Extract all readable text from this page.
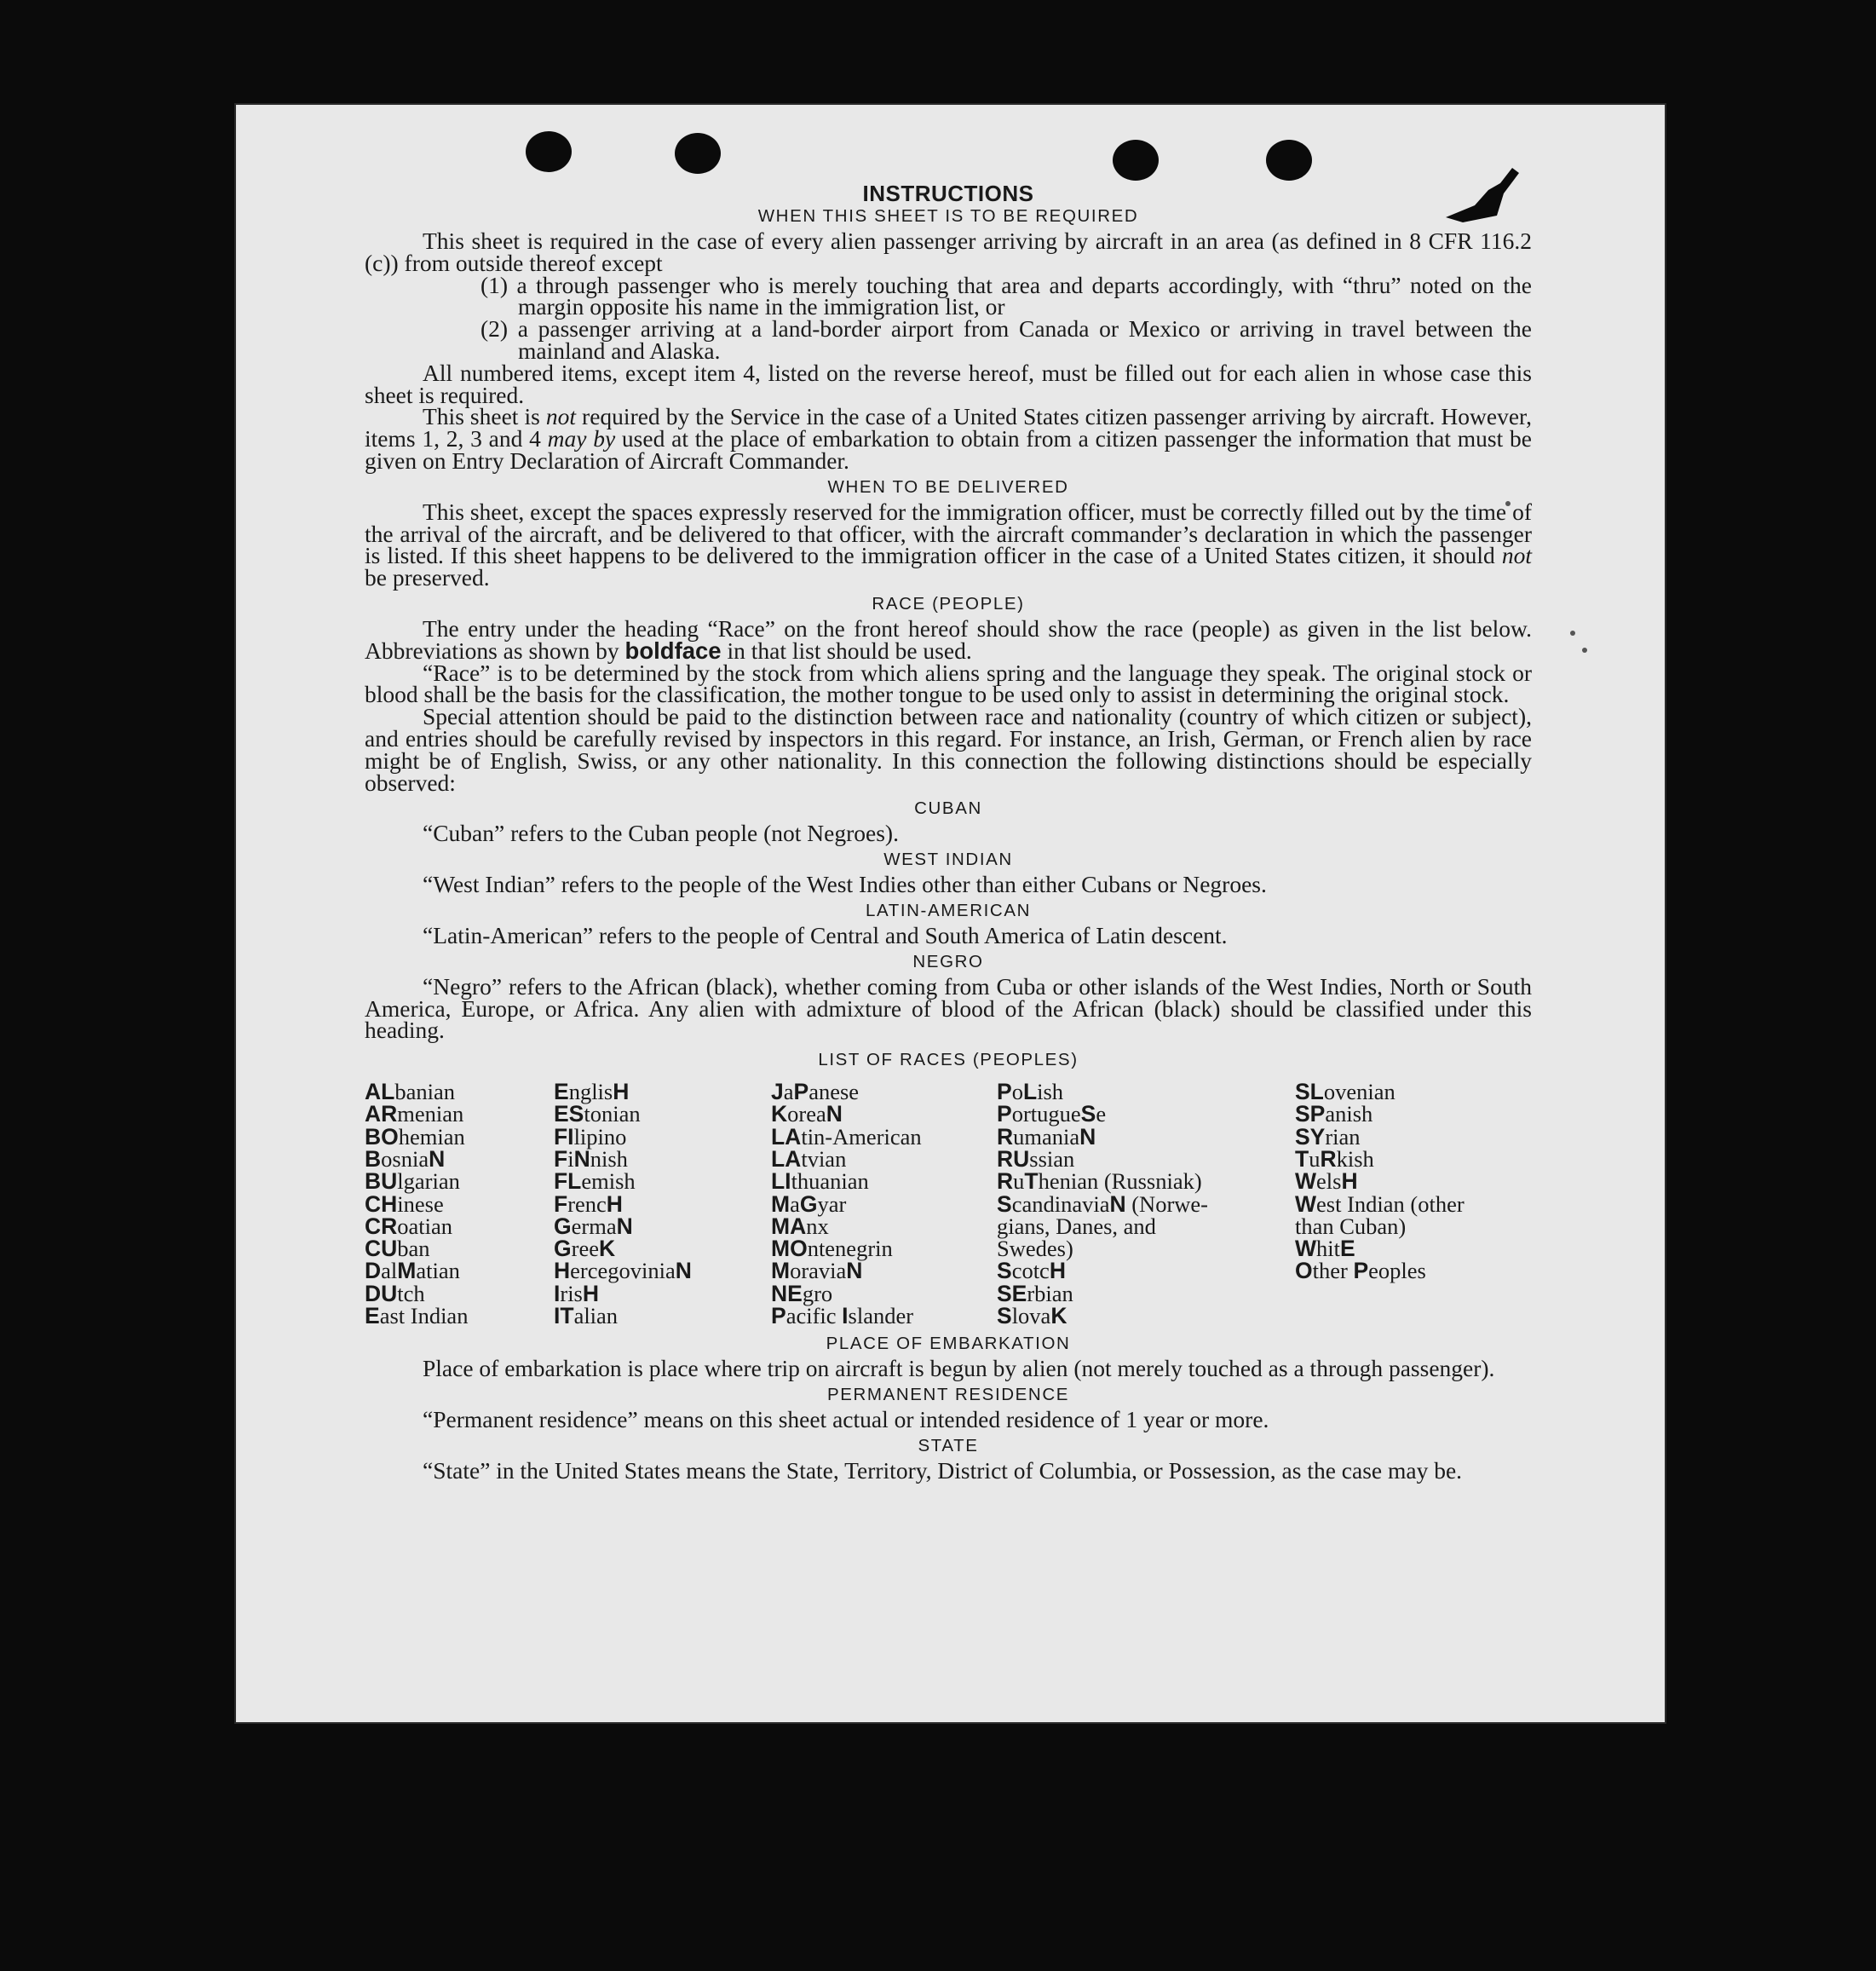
INSTRUCTIONS
WHEN THIS SHEET IS TO BE REQUIRED

This sheet is required in the case of every alien passenger arriving by aircraft in an area (as defined in 8 CFR 116.2 (c)) from outside thereof except

(1) a through passenger who is merely touching that area and departs accordingly, with “thru” noted on the margin opposite his name in the immigration list, or

(2) a passenger arriving at a land-border airport from Canada or Mexico or arriving in travel between the mainland and Alaska.

All numbered items, except item 4, listed on the reverse hereof, must be filled out for each alien in whose case this sheet is required.

This sheet is not required by the Service in the case of a United States citizen passenger arriving by aircraft. However, items 1, 2, 3 and 4 may by used at the place of embarkation to obtain from a citizen passenger the information that must be given on Entry Declaration of Aircraft Commander.

WHEN TO BE DELIVERED

This sheet, except the spaces expressly reserved for the immigration officer, must be correctly filled out by the time of the arrival of the aircraft, and be delivered to that officer, with the aircraft commander’s declaration in which the passenger is listed. If this sheet happens to be delivered to the immigration officer in the case of a United States citizen, it should not be preserved.

RACE (PEOPLE)

The entry under the heading “Race” on the front hereof should show the race (people) as given in the list below. Abbreviations as shown by boldface in that list should be used.

“Race” is to be determined by the stock from which aliens spring and the language they speak. The original stock or blood shall be the basis for the classification, the mother tongue to be used only to assist in determining the original stock.

Special attention should be paid to the distinction between race and nationality (country of which citizen or subject), and entries should be carefully revised by inspectors in this regard. For instance, an Irish, German, or French alien by race might be of English, Swiss, or any other nationality. In this connection the following distinctions should be especially observed:

CUBAN

“Cuban” refers to the Cuban people (not Negroes).

WEST INDIAN

“West Indian” refers to the people of the West Indies other than either Cubans or Negroes.

LATIN-AMERICAN

“Latin-American” refers to the people of Central and South America of Latin descent.

NEGRO

“Negro” refers to the African (black), whether coming from Cuba or other islands of the West Indies, North or South America, Europe, or Africa. Any alien with admixture of blood of the African (black) should be classified under this heading.

LIST OF RACES (PEOPLES)
ALbanian
ARmenian
BOhemian
BosniaN
BUlgarian
CHinese
CRoatian
CUban
DalMatian
DUtch
East Indian
EnglisH
EStonian
FIlipino
FiNnish
FLemish
FrencH
GermaN
GreeK
HercegoviniaN
IrisH
ITalian
JaPanese
KoreaN
LAtin-American
LAtvian
LIthuanian
MaGyar
MAnx
MOntenegrin
MoraviaN
NEgro
Pacific Islander
PoLish
PortugueSe
RumaniaN
RUssian
RuThenian (Russniak)
ScandinaviaN (Norwe-
gians, Danes, and
Swedes)
ScotcH
SErbian
SlovaK
SLovenian
SPanish
SYrian
TuRkish
WelsH
West Indian (other
than Cuban)
WhitE
Other Peoples
PLACE OF EMBARKATION

Place of embarkation is place where trip on aircraft is begun by alien (not merely touched as a through passenger).

PERMANENT RESIDENCE

“Permanent residence” means on this sheet actual or intended residence of 1 year or more.

STATE

“State” in the United States means the State, Territory, District of Columbia, or Possession, as the case may be.
